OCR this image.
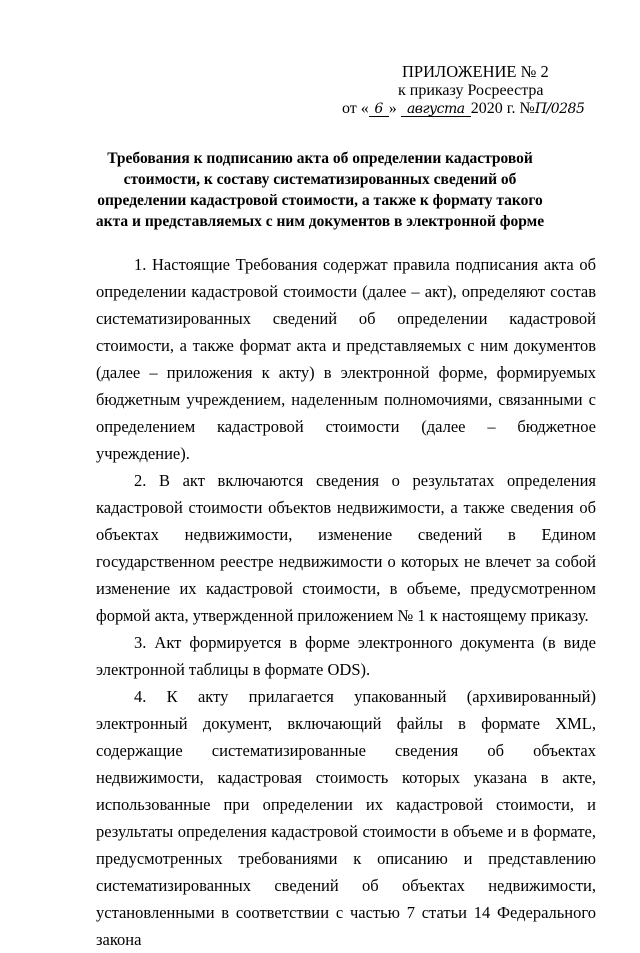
ПРИЛОЖЕНИЕ № 2
к приказу Росреестра
от « 6 » августа 2020 г. №П/0285
Требования к подписанию акта об определении кадастровой стоимости, к составу систематизированных сведений об определении кадастровой стоимости, а также к формату такого акта и представляемых с ним документов в электронной форме

1. Настоящие Требования содержат правила подписания акта об определении кадастровой стоимости (далее – акт), определяют состав систематизированных сведений об определении кадастровой стоимости, а также формат акта и представляемых с ним документов (далее – приложения к акту) в электронной форме, формируемых бюджетным учреждением, наделенным полномочиями, связанными с определением кадастровой стоимости (далее – бюджетное учреждение).

2. В акт включаются сведения о результатах определения кадастровой стоимости объектов недвижимости, а также сведения об объектах недвижимости, изменение сведений в Едином государственном реестре недвижимости о которых не влечет за собой изменение их кадастровой стоимости, в объеме, предусмотренном формой акта, утвержденной приложением № 1 к настоящему приказу.

3. Акт формируется в форме электронного документа (в виде электронной таблицы в формате ODS).

4. К акту прилагается упакованный (архивированный) электронный документ, включающий файлы в формате XML, содержащие систематизированные сведения об объектах недвижимости, кадастровая стоимость которых указана в акте, использованные при определении их кадастровой стоимости, и результаты определения кадастровой стоимости в объеме и в формате, предусмотренных требованиями к описанию и представлению систематизированных сведений об объектах недвижимости, установленными в соответствии с частью 7 статьи 14 Федерального закона
